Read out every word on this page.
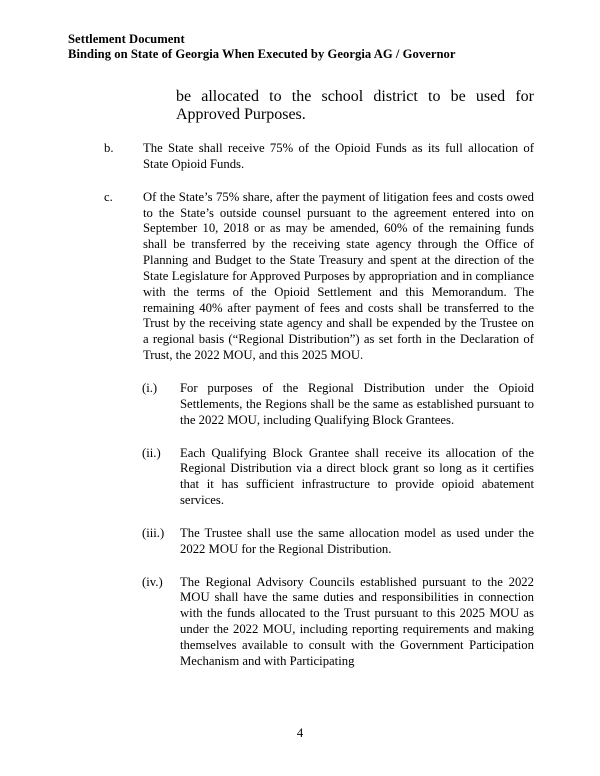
Settlement Document
Binding on State of Georgia When Executed by Georgia AG / Governor
be allocated to the school district to be used for Approved Purposes.
b.	The State shall receive 75% of the Opioid Funds as its full allocation of State Opioid Funds.
c.	Of the State’s 75% share, after the payment of litigation fees and costs owed to the State’s outside counsel pursuant to the agreement entered into on September 10, 2018 or as may be amended, 60% of the remaining funds shall be transferred by the receiving state agency through the Office of Planning and Budget to the State Treasury and spent at the direction of the State Legislature for Approved Purposes by appropriation and in compliance with the terms of the Opioid Settlement and this Memorandum. The remaining 40% after payment of fees and costs shall be transferred to the Trust by the receiving state agency and shall be expended by the Trustee on a regional basis (“Regional Distribution”) as set forth in the Declaration of Trust, the 2022 MOU, and this 2025 MOU.
(i.)	For purposes of the Regional Distribution under the Opioid Settlements, the Regions shall be the same as established pursuant to the 2022 MOU, including Qualifying Block Grantees.
(ii.)	Each Qualifying Block Grantee shall receive its allocation of the Regional Distribution via a direct block grant so long as it certifies that it has sufficient infrastructure to provide opioid abatement services.
(iii.)	The Trustee shall use the same allocation model as used under the 2022 MOU for the Regional Distribution.
(iv.)	The Regional Advisory Councils established pursuant to the 2022 MOU shall have the same duties and responsibilities in connection with the funds allocated to the Trust pursuant to this 2025 MOU as under the 2022 MOU, including reporting requirements and making themselves available to consult with the Government Participation Mechanism and with Participating
4
